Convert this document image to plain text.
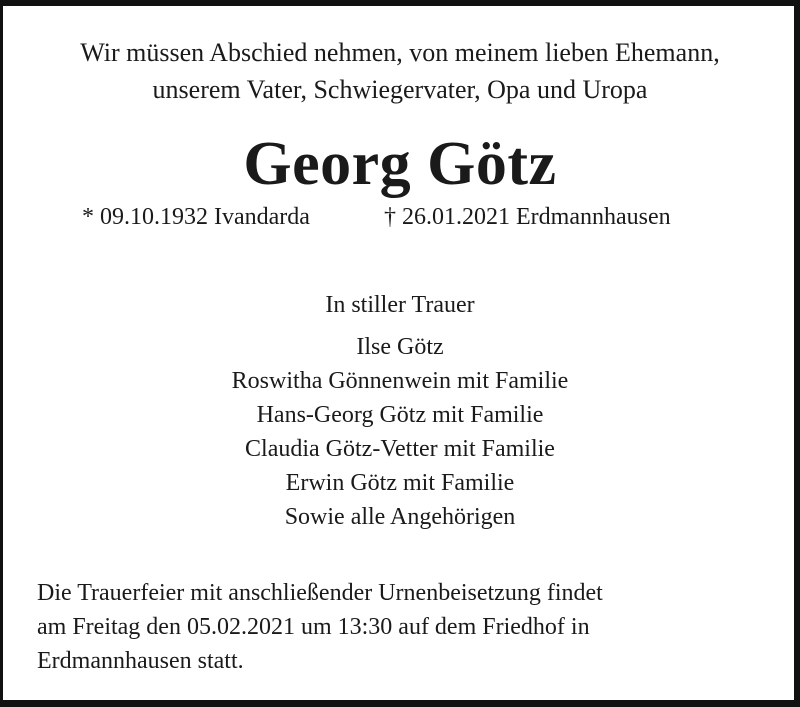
Wir müssen Abschied nehmen, von meinem lieben Ehemann,
unserem Vater, Schwiegervater, Opa und Uropa
Georg Götz
* 09.10.1932 Ivandarda	† 26.01.2021 Erdmannhausen
In stiller Trauer
Ilse Götz
Roswitha Gönnenwein mit Familie
Hans-Georg Götz mit Familie
Claudia Götz-Vetter mit Familie
Erwin Götz mit Familie
Sowie alle Angehörigen
Die Trauerfeier mit anschließender Urnenbeisetzung findet
am Freitag den 05.02.2021 um 13:30 auf dem Friedhof in
Erdmannhausen statt.
